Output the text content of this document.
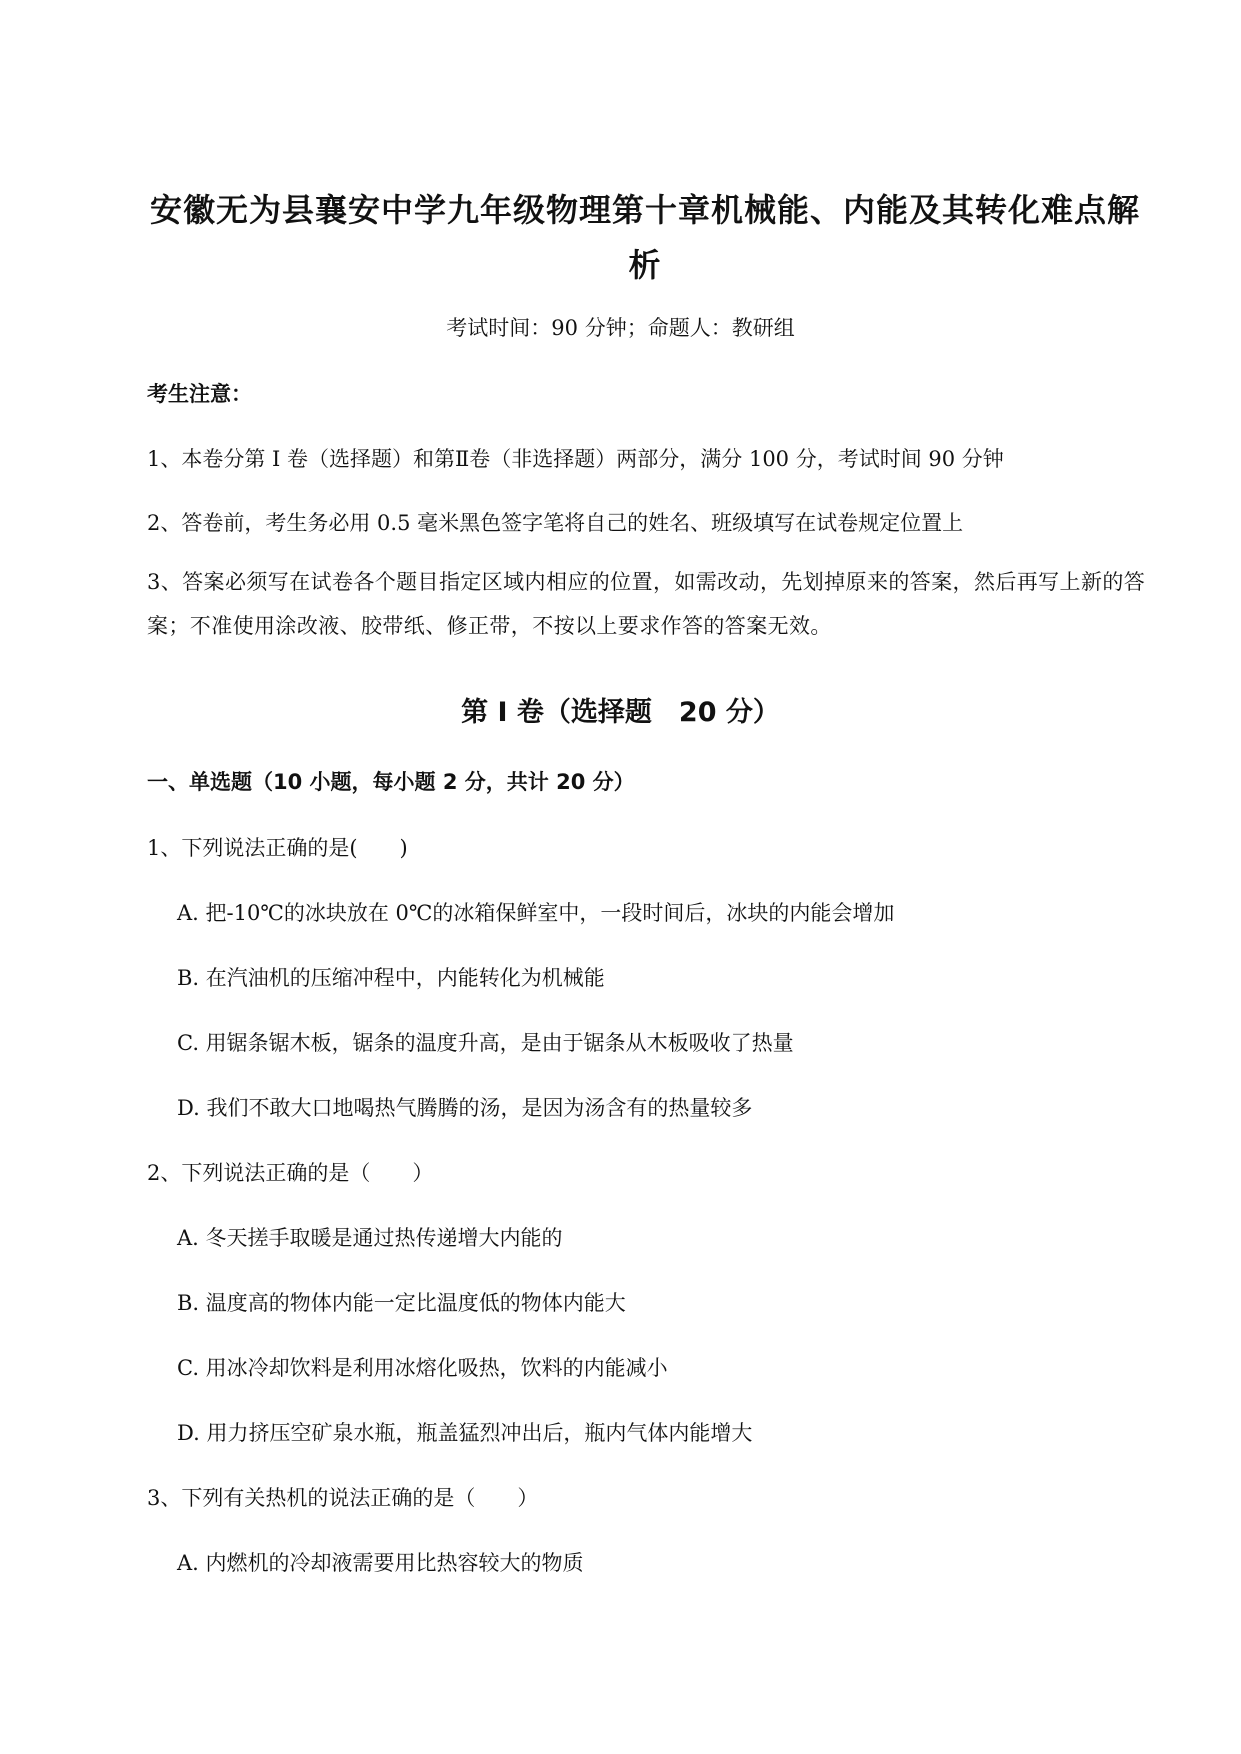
安徽无为县襄安中学九年级物理第十章机械能、内能及其转化难点解析
考试时间：90 分钟；命题人：教研组
考生注意：
1、本卷分第 I 卷（选择题）和第Ⅱ卷（非选择题）两部分，满分 100 分，考试时间 90 分钟
2、答卷前，考生务必用 0.5 毫米黑色签字笔将自己的姓名、班级填写在试卷规定位置上
3、答案必须写在试卷各个题目指定区域内相应的位置，如需改动，先划掉原来的答案，然后再写上新的答案；不准使用涂改液、胶带纸、修正带，不按以上要求作答的答案无效。
第 I 卷（选择题　20 分）
一、单选题（10 小题，每小题 2 分，共计 20 分）
1、下列说法正确的是(　　)
A. 把-10℃的冰块放在 0℃的冰箱保鲜室中，一段时间后，冰块的内能会增加
B. 在汽油机的压缩冲程中，内能转化为机械能
C. 用锯条锯木板，锯条的温度升高，是由于锯条从木板吸收了热量
D. 我们不敢大口地喝热气腾腾的汤，是因为汤含有的热量较多
2、下列说法正确的是（　　）
A. 冬天搓手取暖是通过热传递增大内能的
B. 温度高的物体内能一定比温度低的物体内能大
C. 用冰冷却饮料是利用冰熔化吸热，饮料的内能减小
D. 用力挤压空矿泉水瓶，瓶盖猛烈冲出后，瓶内气体内能增大
3、下列有关热机的说法正确的是（　　）
A. 内燃机的冷却液需要用比热容较大的物质
